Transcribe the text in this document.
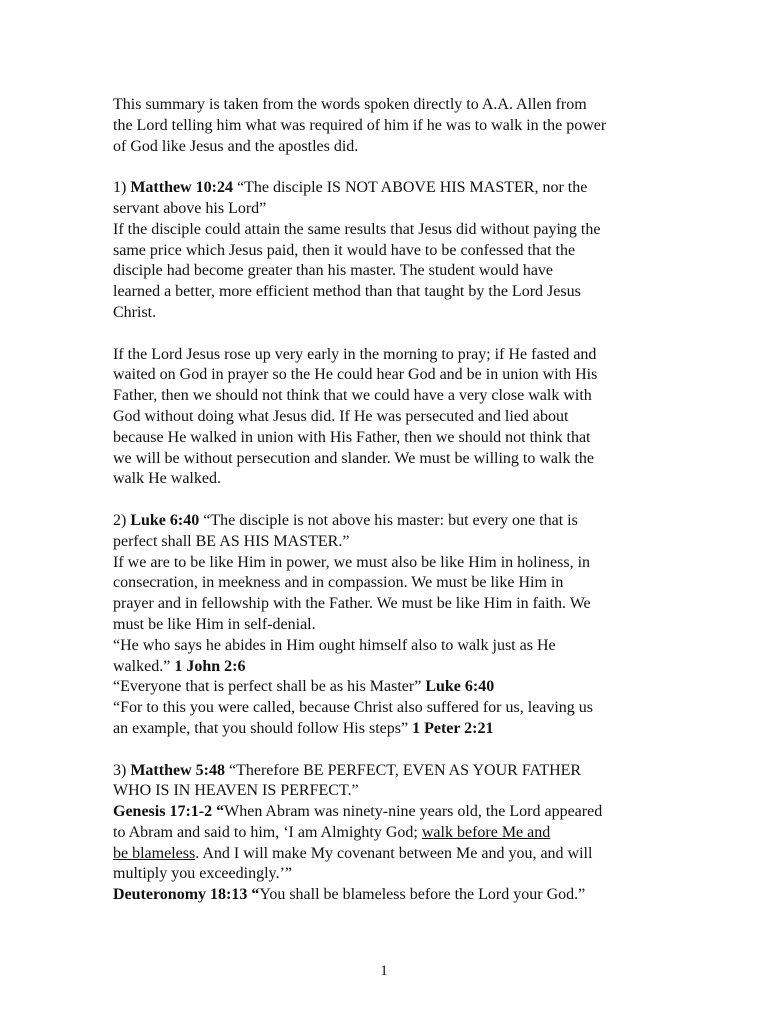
This summary is taken from the words spoken directly to A.A. Allen from
the Lord telling him what was required of him if he was to walk in the power
of God like Jesus and the apostles did.
1) Matthew 10:24 “The disciple IS NOT ABOVE HIS MASTER, nor the
servant above his Lord”
If the disciple could attain the same results that Jesus did without paying the
same price which Jesus paid, then it would have to be confessed that the
disciple had become greater than his master. The student would have
learned a better, more efficient method than that taught by the Lord Jesus
Christ.
If the Lord Jesus rose up very early in the morning to pray; if He fasted and
waited on God in prayer so the He could hear God and be in union with His
Father, then we should not think that we could have a very close walk with
God without doing what Jesus did. If He was persecuted and lied about
because He walked in union with His Father, then we should not think that
we will be without persecution and slander. We must be willing to walk the
walk He walked.
2) Luke 6:40 “The disciple is not above his master: but every one that is
perfect shall BE AS HIS MASTER.”
If we are to be like Him in power, we must also be like Him in holiness, in
consecration, in meekness and in compassion. We must be like Him in
prayer and in fellowship with the Father. We must be like Him in faith. We
must be like Him in self-denial.
“He who says he abides in Him ought himself also to walk just as He
walked.” 1 John 2:6
“Everyone that is perfect shall be as his Master” Luke 6:40
“For to this you were called, because Christ also suffered for us, leaving us
an example, that you should follow His steps” 1 Peter 2:21
3) Matthew 5:48 “Therefore BE PERFECT, EVEN AS YOUR FATHER
WHO IS IN HEAVEN IS PERFECT.”
Genesis 17:1-2 “When Abram was ninety-nine years old, the Lord appeared
to Abram and said to him, ‘I am Almighty God; walk before Me and
be blameless. And I will make My covenant between Me and you, and will
multiply you exceedingly.’”
Deuteronomy 18:13 “You shall be blameless before the Lord your God.”
1
